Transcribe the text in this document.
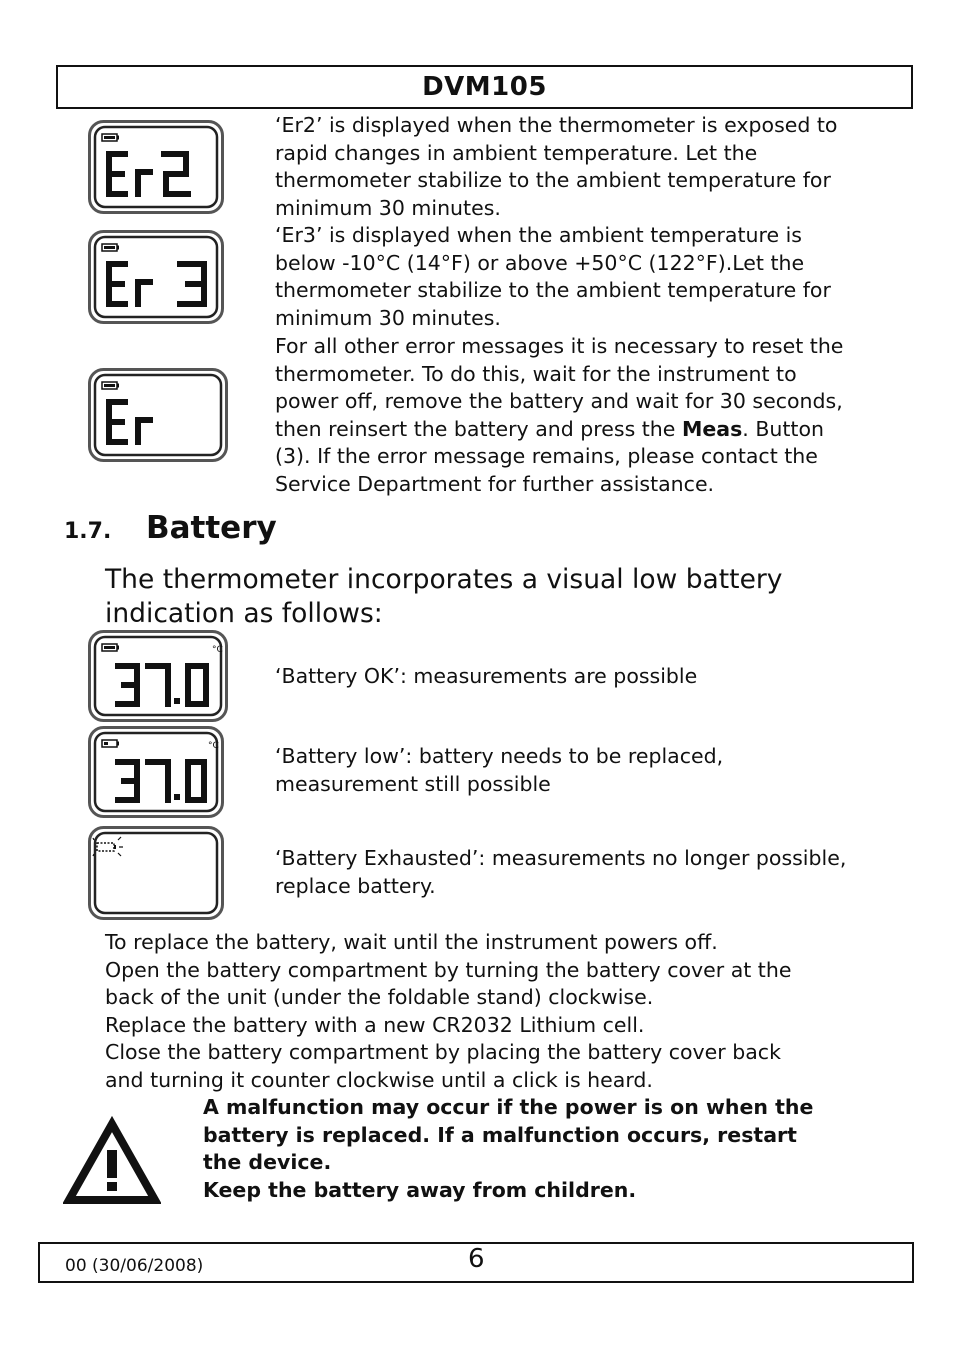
DVM105
‘Er2’ is displayed when the thermometer is exposed to
rapid changes in ambient temperature. Let the
thermometer stabilize to the ambient temperature for
minimum 30 minutes.
‘Er3’ is displayed when the ambient temperature is
below -10°C (14°F) or above +50°C (122°F).Let the
thermometer stabilize to the ambient temperature for
minimum 30 minutes.
For all other error messages it is necessary to reset the
thermometer. To do this, wait for the instrument to
power off, remove the battery and wait for 30 seconds,
then reinsert the battery and press the Meas. Button
(3). If the error message remains, please contact the
Service Department for further assistance.
1.7.	Battery

The thermometer incorporates a visual low battery indication as follows:

°C
‘Battery OK’: measurements are possible
°C	‘Battery low’: battery needs to be replaced,
measurement still possible
‘Battery Exhausted’: measurements no longer possible,
replace battery.
To replace the battery, wait until the instrument powers off.
Open the battery compartment by turning the battery cover at the
back of the unit (under the foldable stand) clockwise.
Replace the battery with a new CR2032 Lithium cell.
Close the battery compartment by placing the battery cover back
and turning it counter clockwise until a click is heard.
A malfunction may occur if the power is on when the
battery is replaced. If a malfunction occurs, restart
the device.
Keep the battery away from children.
00 (30/06/2008)	6
